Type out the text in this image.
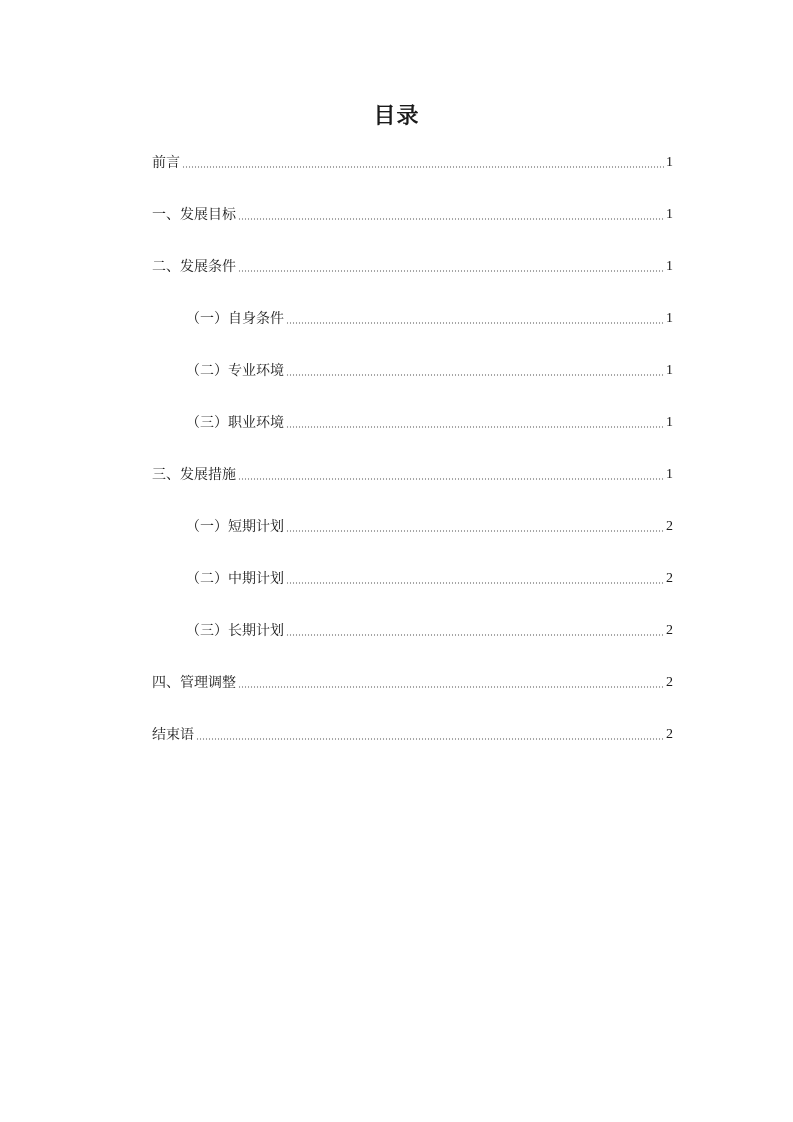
目录
前言	1
一、发展目标	1
二、发展条件	1
（一）自身条件	1
（二）专业环境	1
（三）职业环境	1
三、发展措施	1
（一）短期计划	2
（二）中期计划	2
（三）长期计划	2
四、管理调整	2
结束语	2
